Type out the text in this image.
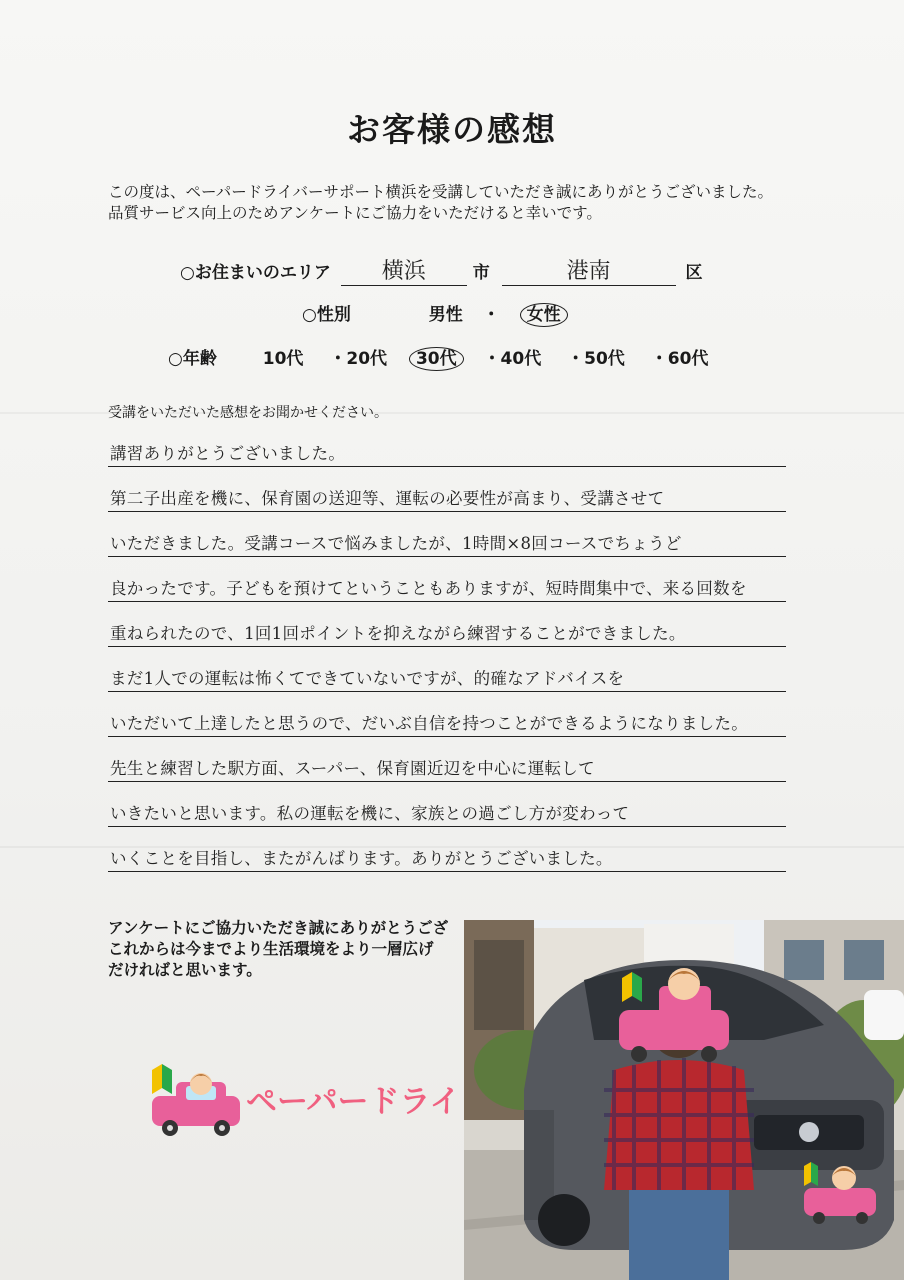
お客様の感想
この度は、ペーパードライバーサポート横浜を受講していただき誠にありがとうございました。
品質サービス向上のためアンケートにご協力をいただけると幸いです。
○お住まいのエリア 横浜	市	港南	区
○性別	男性 ・ 女性
○年齢	10代 ・20代 30代 ・40代 ・50代 ・60代
受講をいただいた感想をお聞かせください。
講習ありがとうございました。
第二子出産を機に、保育園の送迎等、運転の必要性が高まり、受講させて
いただきました。受講コースで悩みましたが、1時間×8回コースでちょうど
良かったです。子どもを預けてということもありますが、短時間集中で、来る回数を
重ねられたので、1回1回ポイントを抑えながら練習することができました。
まだ1人での運転は怖くてできていないですが、的確なアドバイスを
いただいて上達したと思うので、だいぶ自信を持つことができるようになりました。
先生と練習した駅方面、スーパー、保育園近辺を中心に運転して
いきたいと思います。私の運転を機に、家族との過ごし方が変わって
いくことを目指し、またがんばります。ありがとうございました。
アンケートにご協力いただき誠にありがとうござ
これからは今までより生活環境をより一層広げ
だければと思います。
ペーパードライ
